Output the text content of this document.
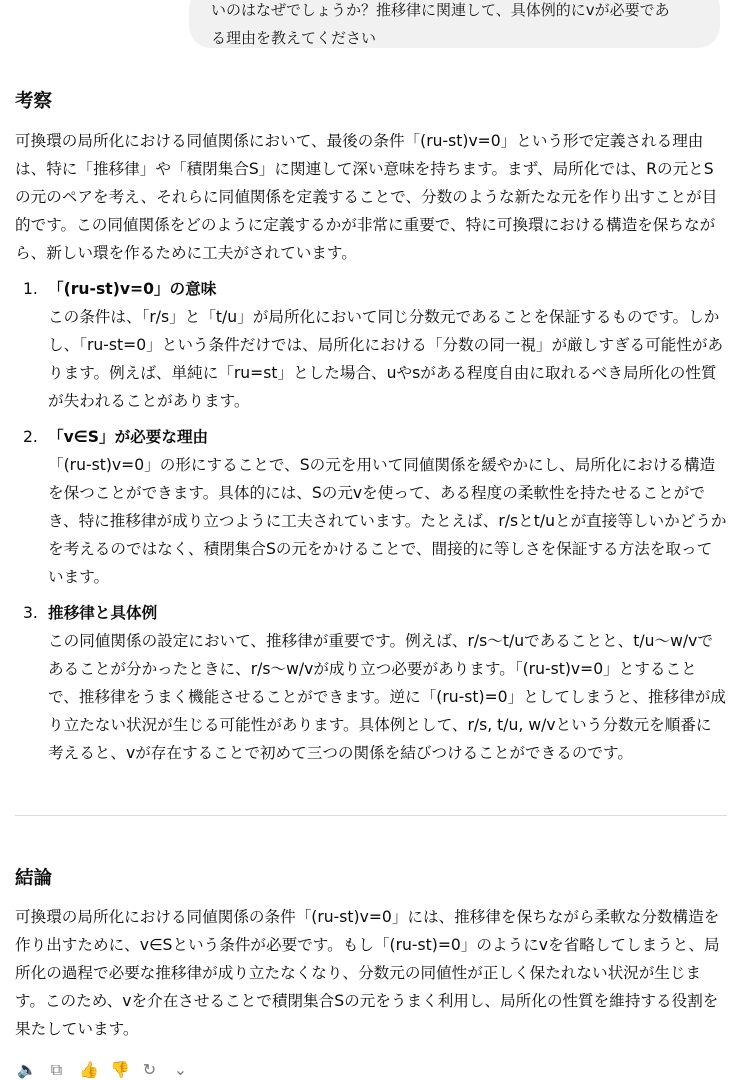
いのはなぜでしょうか？推移律に関連して、具体例的にvが必要であ
る理由を教えてください
考察

可換環の局所化における同値関係において、最後の条件「(ru-st)v=0」という形で定義される理由は、特に「推移律」や「積閉集合S」に関連して深い意味を持ちます。まず、局所化では、Rの元とSの元のペアを考え、それらに同値関係を定義することで、分数のような新たな元を作り出すことが目的です。この同値関係をどのように定義するかが非常に重要で、特に可換環における構造を保ちながら、新しい環を作るために工夫がされています。

1. 「(ru-st)v=0」の意味
この条件は、「r/s」と「t/u」が局所化において同じ分数元であることを保証するものです。しかし、「ru-st=0」という条件だけでは、局所化における「分数の同一視」が厳しすぎる可能性があります。例えば、単純に「ru=st」とした場合、uやsがある程度自由に取れるべき局所化の性質が失われることがあります。
2. 「v∈S」が必要な理由
「(ru-st)v=0」の形にすることで、Sの元を用いて同値関係を緩やかにし、局所化における構造を保つことができます。具体的には、Sの元vを使って、ある程度の柔軟性を持たせることができ、特に推移律が成り立つように工夫されています。たとえば、r/sとt/uとが直接等しいかどうかを考えるのではなく、積閉集合Sの元をかけることで、間接的に等しさを保証する方法を取っています。
3. 推移律と具体例
この同値関係の設定において、推移律が重要です。例えば、r/s〜t/uであることと、t/u〜w/vであることが分かったときに、r/s〜w/vが成り立つ必要があります。「(ru-st)v=0」とすることで、推移律をうまく機能させることができます。逆に「(ru-st)=0」としてしまうと、推移律が成り立たない状況が生じる可能性があります。具体例として、r/s, t/u, w/vという分数元を順番に考えると、vが存在することで初めて三つの関係を結びつけることができるのです。
結論

可換環の局所化における同値関係の条件「(ru-st)v=0」には、推移律を保ちながら柔軟な分数構造を作り出すために、v∈Sという条件が必要です。もし「(ru-st)=0」のようにvを省略してしまうと、局所化の過程で必要な推移律が成り立たなくなり、分数元の同値性が正しく保たれない状況が生じます。このため、vを介在させることで積閉集合Sの元をうまく利用し、局所化の性質を維持する役割を果たしています。

🔈 ⧉ 👍 👎 ↻ ⌄
